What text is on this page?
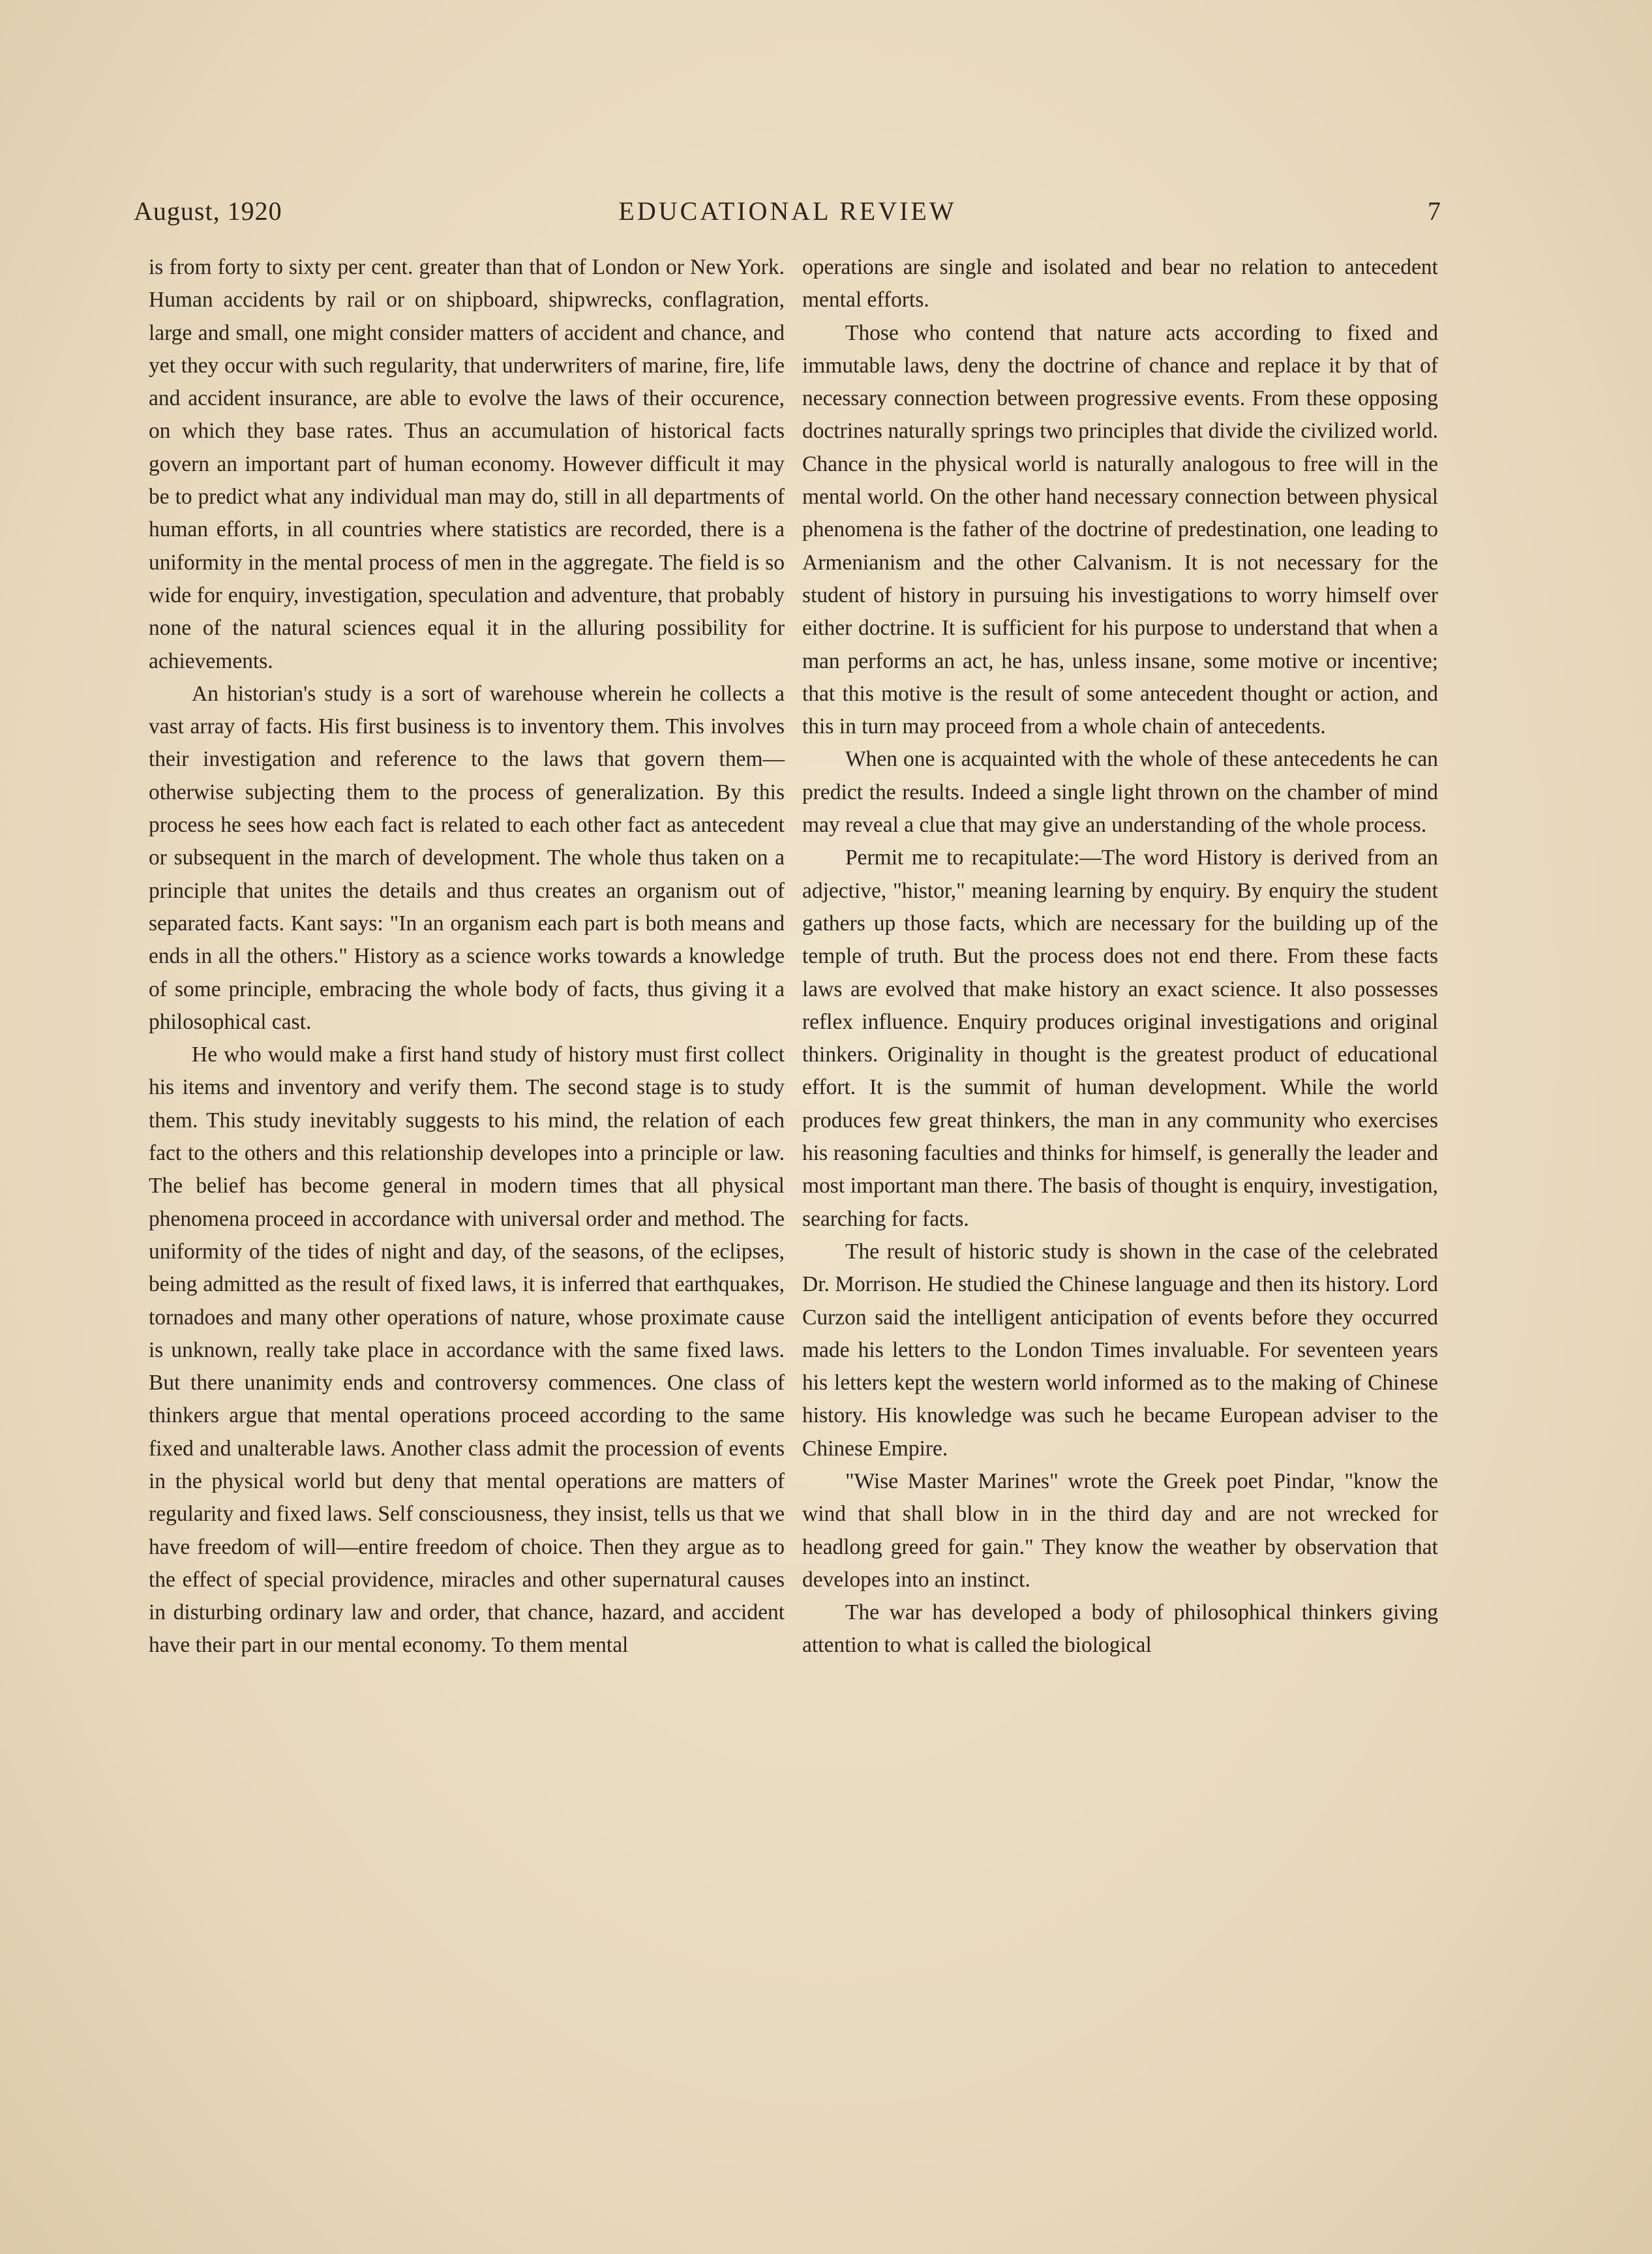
August, 1920	EDUCATIONAL REVIEW	7

is from forty to sixty per cent. greater than that of London or New York. Human accidents by rail or on shipboard, shipwrecks, conflagration, large and small, one might consider matters of accident and chance, and yet they occur with such regularity, that underwriters of marine, fire, life and accident insurance, are able to evolve the laws of their occurence, on which they base rates. Thus an accumulation of historical facts govern an important part of human economy. However difficult it may be to predict what any individual man may do, still in all departments of human efforts, in all countries where statistics are recorded, there is a uniformity in the mental process of men in the aggregate. The field is so wide for enquiry, investigation, speculation and adventure, that probably none of the natural sciences equal it in the alluring possibility for achievements.

An historian's study is a sort of warehouse wherein he collects a vast array of facts. His first business is to inventory them. This involves their investigation and reference to the laws that govern them—otherwise subjecting them to the process of generalization. By this process he sees how each fact is related to each other fact as antecedent or subsequent in the march of development. The whole thus taken on a principle that unites the details and thus creates an organism out of separated facts. Kant says: "In an organism each part is both means and ends in all the others." History as a science works towards a knowledge of some principle, embracing the whole body of facts, thus giving it a philosophical cast.

He who would make a first hand study of history must first collect his items and inventory and verify them. The second stage is to study them. This study inevitably suggests to his mind, the relation of each fact to the others and this relationship developes into a principle or law. The belief has become general in modern times that all physical phenomena proceed in accordance with universal order and method. The uniformity of the tides of night and day, of the seasons, of the eclipses, being admitted as the result of fixed laws, it is inferred that earthquakes, tornadoes and many other operations of nature, whose proximate cause is unknown, really take place in accordance with the same fixed laws. But there unanimity ends and controversy commences. One class of thinkers argue that mental operations proceed according to the same fixed and unalterable laws. Another class admit the procession of events in the physical world but deny that mental operations are matters of regularity and fixed laws. Self consciousness, they insist, tells us that we have freedom of will—entire freedom of choice. Then they argue as to the effect of special providence, miracles and other supernatural causes in disturbing ordinary law and order, that chance, hazard, and accident have their part in our mental economy. To them mental

operations are single and isolated and bear no relation to antecedent mental efforts.

Those who contend that nature acts according to fixed and immutable laws, deny the doctrine of chance and replace it by that of necessary connection between progressive events. From these opposing doctrines naturally springs two principles that divide the civilized world. Chance in the physical world is naturally analogous to free will in the mental world. On the other hand necessary connection between physical phenomena is the father of the doctrine of predestination, one leading to Armenianism and the other Calvanism. It is not necessary for the student of history in pursuing his investigations to worry himself over either doctrine. It is sufficient for his purpose to understand that when a man performs an act, he has, unless insane, some motive or incentive; that this motive is the result of some antecedent thought or action, and this in turn may proceed from a whole chain of antecedents.

When one is acquainted with the whole of these antecedents he can predict the results. Indeed a single light thrown on the chamber of mind may reveal a clue that may give an understanding of the whole process.

Permit me to recapitulate:—The word History is derived from an adjective, "histor," meaning learning by enquiry. By enquiry the student gathers up those facts, which are necessary for the building up of the temple of truth. But the process does not end there. From these facts laws are evolved that make history an exact science. It also possesses reflex influence. Enquiry produces original investigations and original thinkers. Originality in thought is the greatest product of educational effort. It is the summit of human development. While the world produces few great thinkers, the man in any community who exercises his reasoning faculties and thinks for himself, is generally the leader and most important man there. The basis of thought is enquiry, investigation, searching for facts.

The result of historic study is shown in the case of the celebrated Dr. Morrison. He studied the Chinese language and then its history. Lord Curzon said the intelligent anticipation of events before they occurred made his letters to the London Times invaluable. For seventeen years his letters kept the western world informed as to the making of Chinese history. His knowledge was such he became European adviser to the Chinese Empire.

"Wise Master Marines" wrote the Greek poet Pindar, "know the wind that shall blow in in the third day and are not wrecked for headlong greed for gain." They know the weather by observation that developes into an instinct.

The war has developed a body of philosophical thinkers giving attention to what is called the biological
